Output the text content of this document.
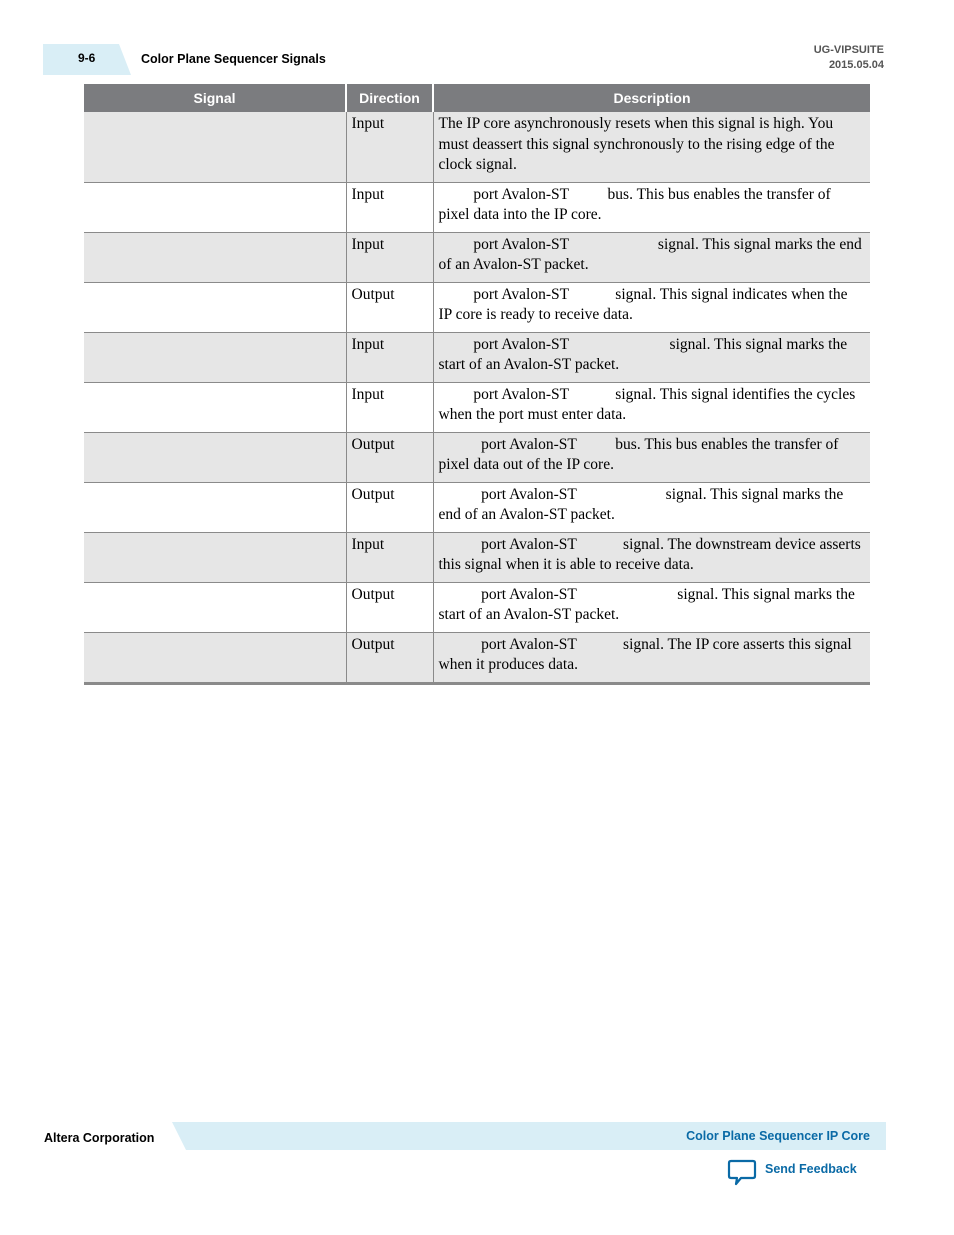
9-6	Color Plane Sequencer Signals
UG-VIPSUITE
2015.05.04
Signal	Direction	Description
	Input	The IP core asynchronously resets when this signal is high. You must deassert this signal synchronously to the rising edge of the clock signal.
	Input	port Avalon-ST          bus. This bus enables the transfer of pixel data into the IP core.
	Input	port Avalon-ST                       signal. This signal marks the end of an Avalon-ST packet.
	Output	port Avalon-ST            signal. This signal indicates when the IP core is ready to receive data.
	Input	port Avalon-ST                          signal. This signal marks the start of an Avalon-ST packet.
	Input	port Avalon-ST            signal. This signal identifies the cycles when the port must enter data.
	Output	port Avalon-ST          bus. This bus enables the transfer of pixel data out of the IP core.
	Output	port Avalon-ST                       signal. This signal marks the end of an Avalon-ST packet.
	Input	port Avalon-ST            signal. The downstream device asserts this signal when it is able to receive data.
	Output	port Avalon-ST                          signal. This signal marks the start of an Avalon-ST packet.
	Output	port Avalon-ST            signal. The IP core asserts this signal when it produces data.
Altera Corporation	Color Plane Sequencer IP Core
Send Feedback
